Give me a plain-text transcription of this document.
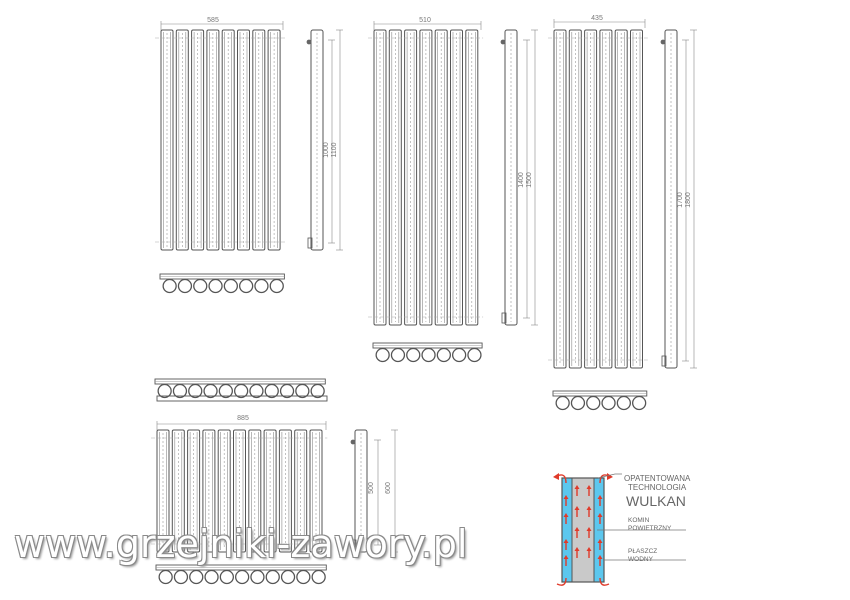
585
1000 1100
510
1400 1500
435
1700 1800
885
500 600
OPATENTOWANA
TECHNOLOGIA
WULKAN
KOMIN
POWIETRZNY
PŁASZCZ
WODNY
www.grzejniki-zawory.pl
